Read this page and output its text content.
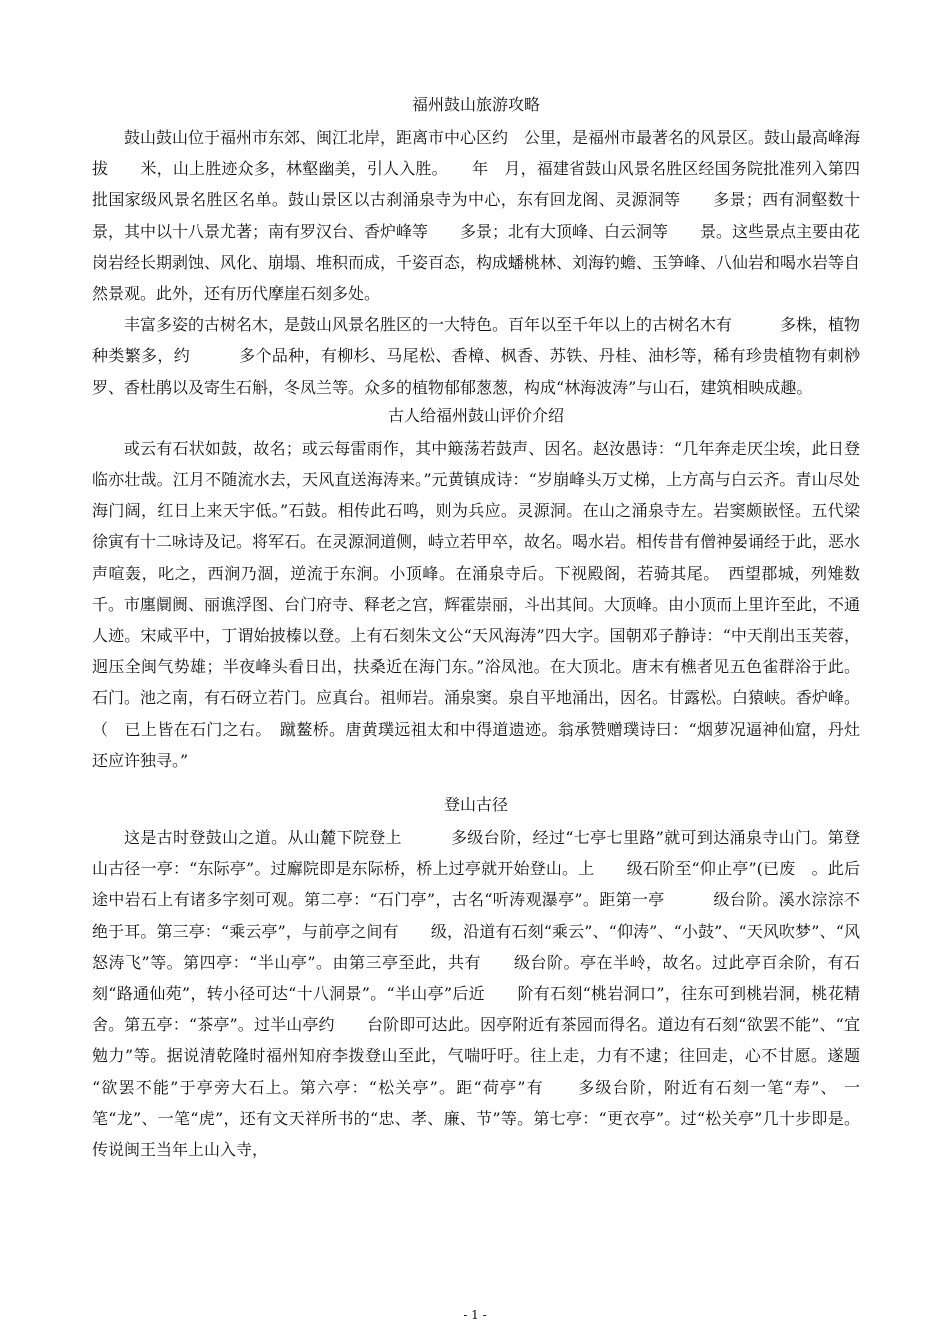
福州鼓山旅游攻略

鼓山鼓山位于福州市东郊、闽江北岸，距离市中心区约　公里，是福州市最著名的风景区。鼓山最高峰海拔　　米，山上胜迹众多，林壑幽美，引人入胜。　　年　月，福建省鼓山风景名胜区经国务院批准列入第四批国家级风景名胜区名单。鼓山景区以古刹涌泉寺为中心，东有回龙阁、灵源洞等　　多景；西有洞壑数十景，其中以十八景尤著；南有罗汉台、香炉峰等　　多景；北有大顶峰、白云洞等　　景。这些景点主要由花岗岩经长期剥蚀、风化、崩塌、堆积而成，千姿百态，构成蟠桃林、刘海钓蟾、玉笋峰、八仙岩和喝水岩等自然景观。此外，还有历代摩崖石刻多处。

丰富多姿的古树名木，是鼓山风景名胜区的一大特色。百年以至千年以上的古树名木有　　　多株，植物种类繁多，约　　　多个品种，有柳杉、马尾松、香樟、枫香、苏铁、丹桂、油杉等，稀有珍贵植物有刺桫罗、香杜鹃以及寄生石斛，冬凤兰等。众多的植物郁郁葱葱，构成“林海波涛”与山石，建筑相映成趣。

古人给福州鼓山评价介绍

或云有石状如鼓，故名；或云每雷雨作，其中簸荡若鼓声、因名。赵汝愚诗：“几年奔走厌尘埃，此日登临亦壮哉。江月不随流水去，天风直送海涛来。”元黄镇成诗：“岁崩峰头万丈梯，上方高与白云齐。青山尽处海门阔，红日上来天宇低。”石鼓。相传此石鸣，则为兵应。灵源洞。在山之涌泉寺左。岩窦颇嵌怪。五代梁徐寅有十二咏诗及记。将军石。在灵源洞道侧，峙立若甲卒，故名。喝水岩。相传昔有僧神晏诵经于此，恶水声喧轰，叱之，西涧乃涸，逆流于东涧。小顶峰。在涌泉寺后。下视殿阁，若骑其尾。　西望郡城，列雉数千。市廛阛阓、丽谯浮图、台门府寺、释老之宫，辉霍崇丽，斗出其间。大顶峰。由小顶而上里许至此，不通人迹。宋咸平中，丁谓始披榛以登。上有石刻朱文公“天风海涛”四大字。国朝邓子静诗：“中天削出玉芙蓉，迥压全闽气势雄；半夜峰头看日出，扶桑近在海门东。”浴凤池。在大顶北。唐末有樵者见五色雀群浴于此。石门。池之南，有石砑立若门。应真台。祖师岩。涌泉窦。泉自平地涌出，因名。甘露松。白猿峡。香炉峰。（　已上皆在石门之右。　蹴鳌桥。唐黄璞远祖太和中得道遗迹。翁承赞赠璞诗曰：“烟萝况逼神仙窟，丹灶还应许独寻。”

登山古径

这是古时登鼓山之道。从山麓下院登上　　　多级台阶，经过“七亭七里路”就可到达涌泉寺山门。第登山古径一亭：“东际亭”。过廨院即是东际桥，桥上过亭就开始登山。上　　级石阶至“仰止亭”(已废　。此后途中岩石上有诸多字刻可观。第二亭：“石门亭”，古名“听涛观瀑亭”。距第一亭　　　级台阶。溪水淙淙不绝于耳。第三亭：“乘云亭”，与前亭之间有　　级，沿道有石刻“乘云”、“仰涛”、“小鼓”、“天风吹梦”、“风怒涛飞”等。第四亭：“半山亭”。由第三亭至此，共有　　级台阶。亭在半岭，故名。过此亭百余阶，有石刻“路通仙苑”，转小径可达“十八洞景”。“半山亭”后近　　阶有石刻“桃岩洞口”，往东可到桃岩洞，桃花精舍。第五亭：“茶亭”。过半山亭约　　台阶即可达此。因亭附近有茶园而得名。道边有石刻“欲罢不能”、“宜勉力”等。据说清乾隆时福州知府李拨登山至此，气喘吁吁。往上走，力有不逮；往回走，心不甘愿。遂题 “欲罢不能”于亭旁大石上。第六亭：“松关亭”。距“荷亭”有　　多级台阶，附近有石刻一笔“寿”、 一笔“龙”、一笔“虎”，还有文天祥所书的“忠、孝、廉、节”等。第七亭：“更衣亭”。过“松关亭”几十步即是。传说闽王当年上山入寺，

- 1 -
